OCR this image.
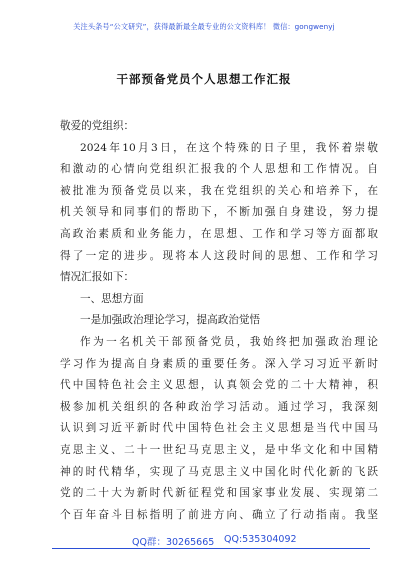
关注头条号“公文研究”，获得最新最全最专业的公文资料库！ 微信：gongwenyj
干部预备党员个人思想工作汇报
敬爱的党组织：
2024年10月3日，在这个特殊的日子里，我怀着崇敬
和激动的心情向党组织汇报我的个人思想和工作情况。自
被批准为预备党员以来，我在党组织的关心和培养下，在
机关领导和同事们的帮助下，不断加强自身建设，努力提
高政治素质和业务能力，在思想、工作和学习等方面都取
得了一定的进步。现将本人这段时间的思想、工作和学习
情况汇报如下：
一、思想方面
一是加强政治理论学习，提高政治觉悟
作为一名机关干部预备党员，我始终把加强政治理论
学习作为提高自身素质的重要任务。深入学习习近平新时
代中国特色社会主义思想，认真领会党的二十大精神，积
极参加机关组织的各种政治学习活动。通过学习，我深刻
认识到习近平新时代中国特色社会主义思想是当代中国马
克思主义、二十一世纪马克思主义，是中华文化和中国精
神的时代精华，实现了马克思主义中国化时代化新的飞跃
党的二十大为新时代新征程党和国家事业发展、实现第二
个百年奋斗目标指明了前进方向、确立了行动指南。我坚
QQ群：30265665 QQ:535304092
